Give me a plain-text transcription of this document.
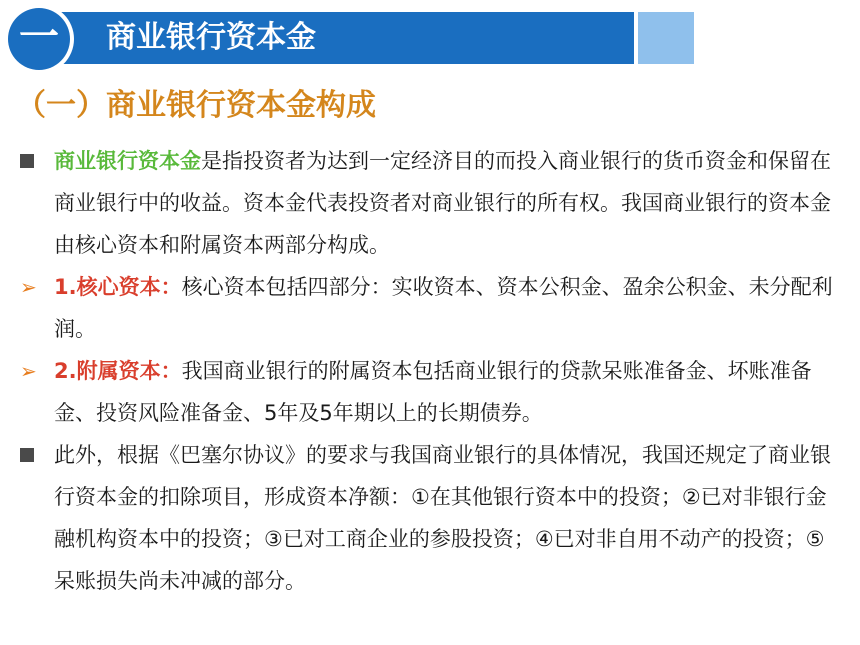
一 商业银行资本金
（一）商业银行资本金构成
商业银行资本金是指投资者为达到一定经济目的而投入商业银行的货币资金和保留在商业银行中的收益。资本金代表投资者对商业银行的所有权。我国商业银行的资本金由核心资本和附属资本两部分构成。
➢ 1.核心资本：核心资本包括四部分：实收资本、资本公积金、盈余公积金、未分配利润。
➢ 2.附属资本：我国商业银行的附属资本包括商业银行的贷款呆账准备金、坏账准备金、投资风险准备金、5年及5年期以上的长期债券。
此外，根据《巴塞尔协议》的要求与我国商业银行的具体情况，我国还规定了商业银行资本金的扣除项目，形成资本净额：①在其他银行资本中的投资；②已对非银行金融机构资本中的投资；③已对工商企业的参股投资；④已对非自用不动产的投资；⑤呆账损失尚未冲减的部分。
